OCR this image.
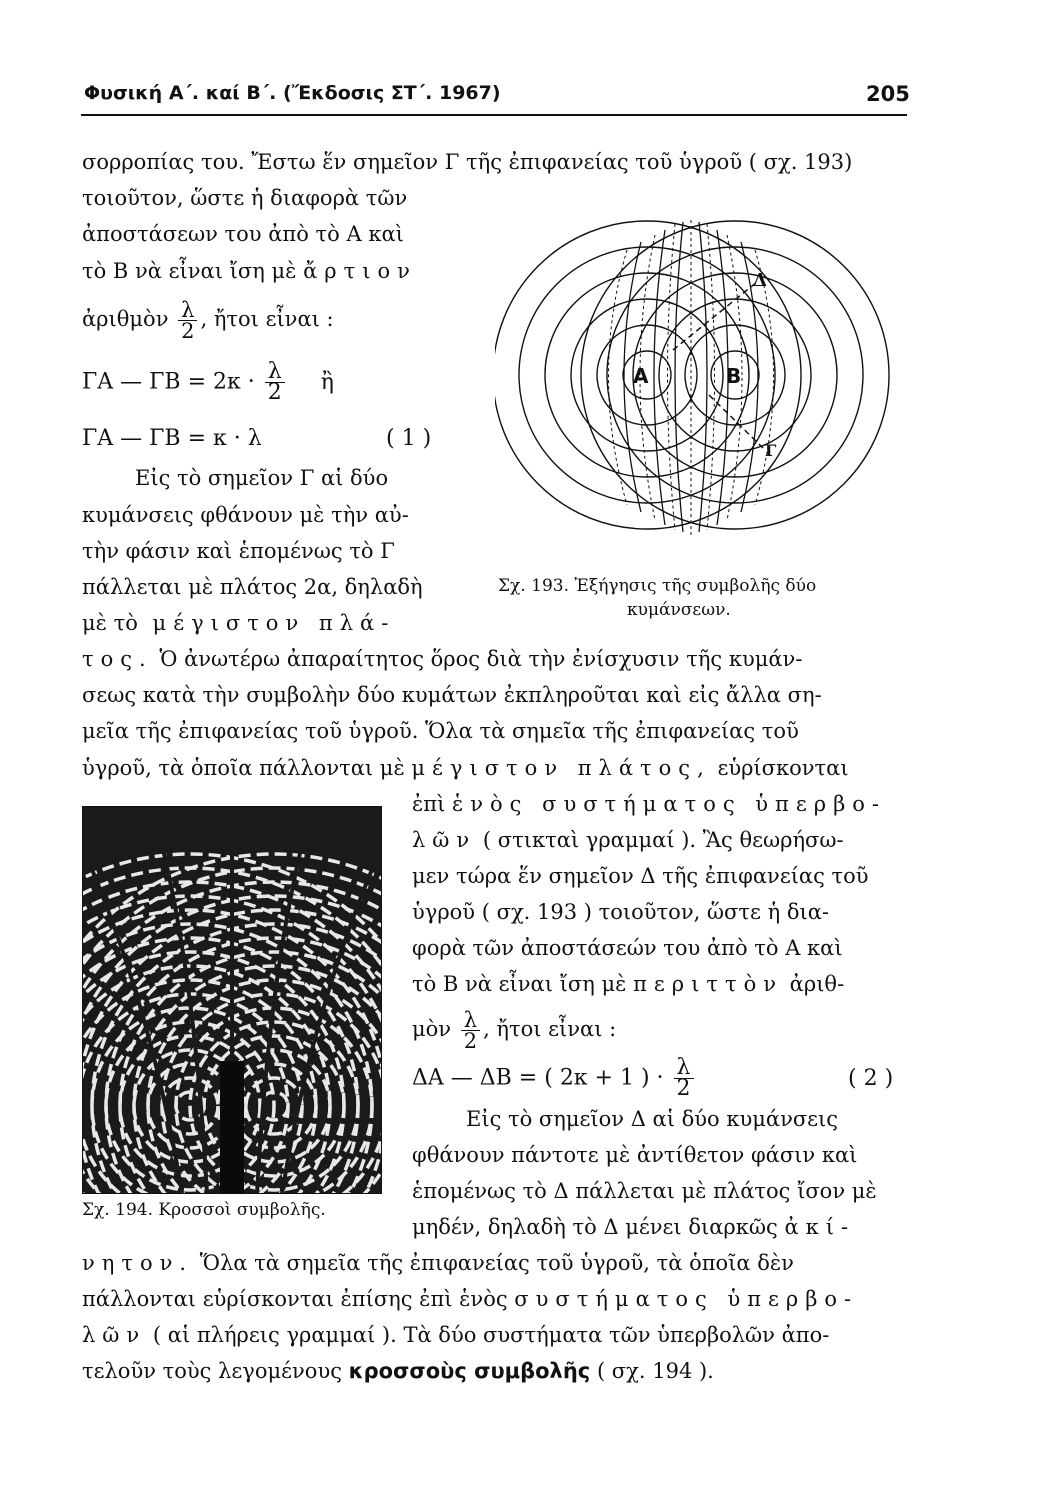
Φυσική Α΄. καί Β΄. (Ἔκδοσις ΣΤ΄. 1967)	205
σορροπίας του. Ἔστω ἕν σημεῖον Γ τῆς ἐπιφανείας τοῦ ὑγροῦ ( σχ. 193)
τοιοῦτον, ὥστε ἡ διαφορὰ τῶν
ἀποστάσεων του ἀπὸ τὸ Α καὶ
τὸ Β νὰ εἶναι ἴση μὲ ἄρτιον
ἀριθμὸν $\frac{\lambda}{2}$ , ἤτοι εἶναι :
ΓΑ — $\Gamma B = 2\kappa \cdot \frac{\lambda}{2}$ ἢ
ΓΑ — ΓΒ = κ · λ	( 1 )
Εἰς τὸ σημεῖον Γ αἱ δύο
κυμάνσεις φθάνουν μὲ τὴν αὐ-
τὴν φάσιν καὶ ἑπομένως τὸ Γ
πάλλεται μὲ πλάτος 2α, δηλαδὴ
μὲ τὸ μέγιστον πλά-
A	B
Δ
Γ
Σχ. 193. Ἐξήγησις τῆς συμβολῆς δύο
κυμάνσεων.
τος. Ὁ ἀνωτέρω ἀπαραίτητος ὅρος διὰ τὴν ἐνίσχυσιν τῆς κυμάν-
σεως κατὰ τὴν συμβολὴν δύο κυμάτων ἐκπληροῦται καὶ εἰς ἄλλα ση-
μεῖα τῆς ἐπιφανείας τοῦ ὑγροῦ. Ὅλα τὰ σημεῖα τῆς ἐπιφανείας τοῦ
ὑγροῦ, τὰ ὁποῖα πάλλονται μὲ μέγιστον πλάτος, εὑρίσκονται
Σχ. 194. Κροσσοὶ συμβολῆς.
ἐπὶ ἑνὸς συστήματος ὑπερβο-
λῶν ( στικταὶ γραμμαί ). Ἂς θεωρήσω-
μεν τώρα ἕν σημεῖον Δ τῆς ἐπιφανείας τοῦ
ὑγροῦ ( σχ. 193 ) τοιοῦτον, ὥστε ἡ δια-
φορὰ τῶν ἀποστάσεών του ἀπὸ τὸ Α καὶ
τὸ Β νὰ εἶναι ἴση μὲ περιττὸν ἀριθ-
μὸν $\frac{\lambda}{2}$ , ἤτοι εἶναι :
ΔΑ — ΔΒ = ( 2κ + 1 ) · $\frac{\lambda}{2}$	( 2 )
Εἰς τὸ σημεῖον Δ αἱ δύο κυμάνσεις
φθάνουν πάντοτε μὲ ἀντίθετον φάσιν καὶ
ἑπομένως τὸ Δ πάλλεται μὲ πλάτος ἴσον μὲ
μηδέν, δηλαδὴ τὸ Δ μένει διαρκῶς ἀκί-
νητον. Ὅλα τὰ σημεῖα τῆς ἐπιφανείας τοῦ ὑγροῦ, τὰ ὁποῖα δὲν
πάλλονται εὑρίσκονται ἐπίσης ἐπὶ ἑνὸς συστήματος ὑπερβο-
λῶν ( αἱ πλήρεις γραμμαί ). Τὰ δύο συστήματα τῶν ὑπερβολῶν ἀπο-
τελοῦν τοὺς λεγομένους κροσσοὺς συμβολῆς ( σχ. 194 ).
